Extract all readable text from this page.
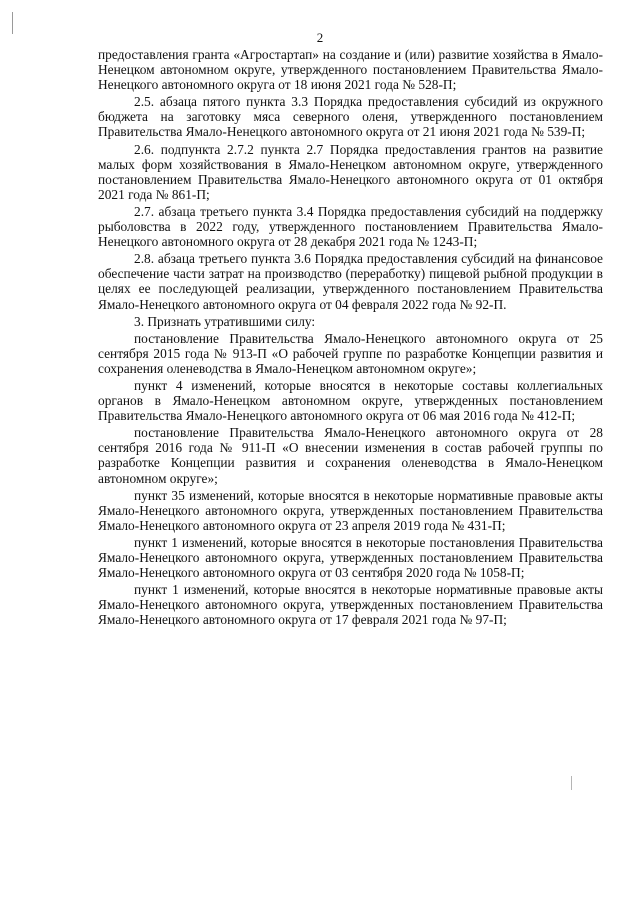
2

предоставления гранта «Агростартап» на создание и (или) развитие хозяйства в Ямало-Ненецком автономном округе, утвержденного постановлением Правительства Ямало-Ненецкого автономного округа от 18 июня 2021 года № 528-П;

2.5. абзаца пятого пункта 3.3 Порядка предоставления субсидий из окружного бюджета на заготовку мяса северного оленя, утвержденного постановлением Правительства Ямало-Ненецкого автономного округа от 21 июня 2021 года № 539-П;

2.6. подпункта 2.7.2 пункта 2.7 Порядка предоставления грантов на развитие малых форм хозяйствования в Ямало-Ненецком автономном округе, утвержденного постановлением Правительства Ямало-Ненецкого автономного округа от 01 октября 2021 года № 861-П;

2.7. абзаца третьего пункта 3.4 Порядка предоставления субсидий на поддержку рыболовства в 2022 году, утвержденного постановлением Правительства Ямало-Ненецкого автономного округа от 28 декабря 2021 года № 1243-П;

2.8. абзаца третьего пункта 3.6 Порядка предоставления субсидий на финансовое обеспечение части затрат на производство (переработку) пищевой рыбной продукции в целях ее последующей реализации, утвержденного постановлением Правительства Ямало-Ненецкого автономного округа от 04 февраля 2022 года № 92-П.

3. Признать утратившими силу:

постановление Правительства Ямало-Ненецкого автономного округа от 25 сентября 2015 года № 913-П «О рабочей группе по разработке Концепции развития и сохранения оленеводства в Ямало-Ненецком автономном округе»;

пункт 4 изменений, которые вносятся в некоторые составы коллегиальных органов в Ямало-Ненецком автономном округе, утвержденных постановлением Правительства Ямало-Ненецкого автономного округа от 06 мая 2016 года № 412-П;

постановление Правительства Ямало-Ненецкого автономного округа от 28 сентября 2016 года № 911-П «О внесении изменения в состав рабочей группы по разработке Концепции развития и сохранения оленеводства в Ямало-Ненецком автономном округе»;

пункт 35 изменений, которые вносятся в некоторые нормативные правовые акты Ямало-Ненецкого автономного округа, утвержденных постановлением Правительства Ямало-Ненецкого автономного округа от 23 апреля 2019 года № 431-П;

пункт 1 изменений, которые вносятся в некоторые постановления Правительства Ямало-Ненецкого автономного округа, утвержденных постановлением Правительства Ямало-Ненецкого автономного округа от 03 сентября 2020 года № 1058-П;

пункт 1 изменений, которые вносятся в некоторые нормативные правовые акты Ямало-Ненецкого автономного округа, утвержденных постановлением Правительства Ямало-Ненецкого автономного округа от 17 февраля 2021 года № 97-П;
